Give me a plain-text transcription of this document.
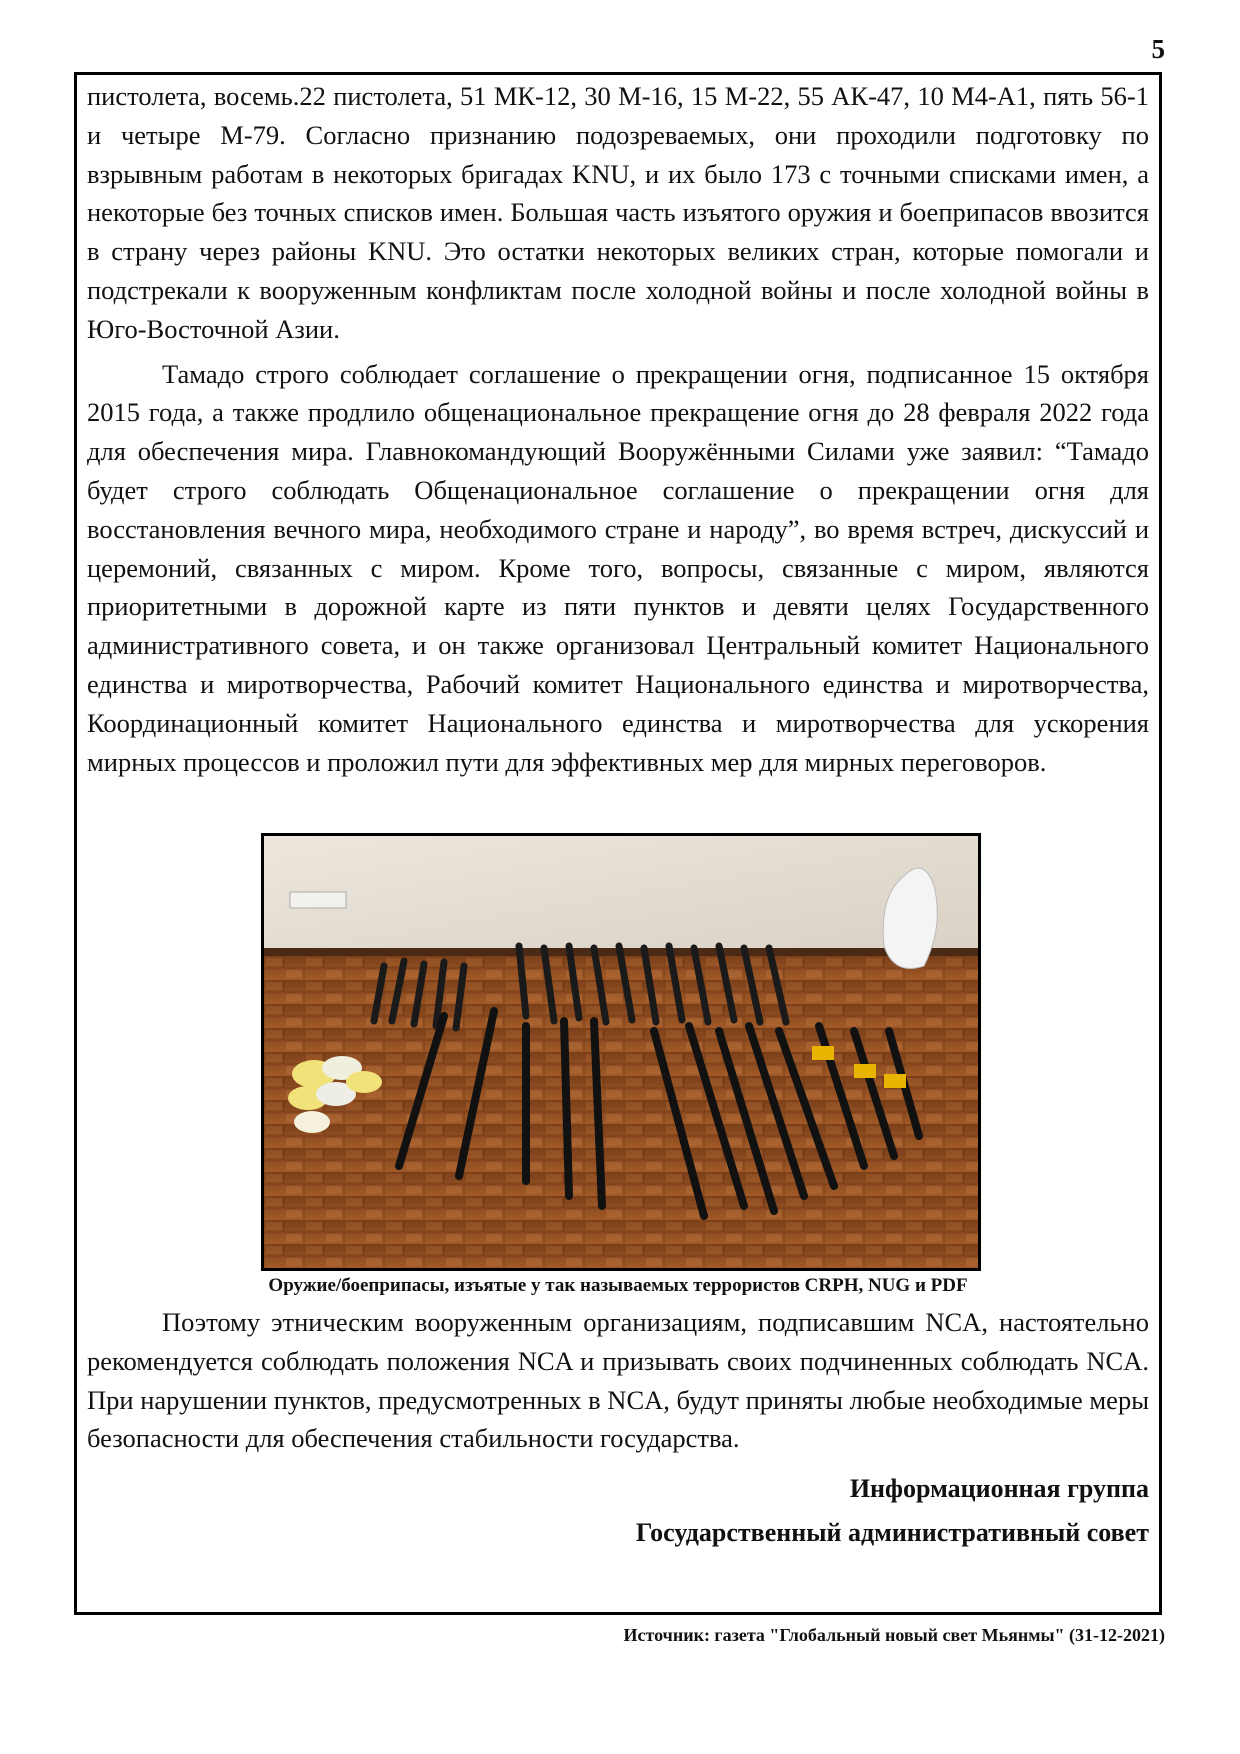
5

пистолета, восемь.22 пистолета, 51 МК-12, 30 М-16, 15 М-22, 55 АК-47, 10 М4-А1, пять 56-1 и четыре М-79. Согласно признанию подозреваемых, они проходили подготовку по взрывным работам в некоторых бригадах KNU, и их было 173 с точными списками имен, а некоторые без точных списков имен. Большая часть изъятого оружия и боеприпасов ввозится в страну через районы KNU. Это остатки некоторых великих стран, которые помогали и подстрекали к вооруженным конфликтам после холодной войны и после холодной войны в Юго-Восточной Азии.

Тамадо строго соблюдает соглашение о прекращении огня, подписанное 15 октября 2015 года, а также продлило общенациональное прекращение огня до 28 февраля 2022 года для обеспечения мира. Главнокомандующий Вооружёнными Силами уже заявил: “Тамадо будет строго соблюдать Общенациональное соглашение о прекращении огня для восстановления вечного мира, необходимого стране и народу”, во время встреч, дискуссий и церемоний, связанных с миром. Кроме того, вопросы, связанные с миром, являются приоритетными в дорожной карте из пяти пунктов и девяти целях Государственного административного совета, и он также организовал Центральный комитет Национального единства и миротворчества, Рабочий комитет Национального единства и миротворчества, Координационный комитет Национального единства и миротворчества для ускорения мирных процессов и проложил пути для эффективных мер для мирных переговоров.

Оружие/боеприпасы, изъятые у так называемых террористов CRPH, NUG и PDF

Поэтому этническим вооруженным организациям, подписавшим NCA, настоятельно рекомендуется соблюдать положения NCA и призывать своих подчиненных соблюдать NCA. При нарушении пунктов, предусмотренных в NCA, будут приняты любые необходимые меры безопасности для обеспечения стабильности государства.

Информационная группа
Государственный административный совет
Источник: газета "Глобальный новый свет Мьянмы" (31-12-2021)
